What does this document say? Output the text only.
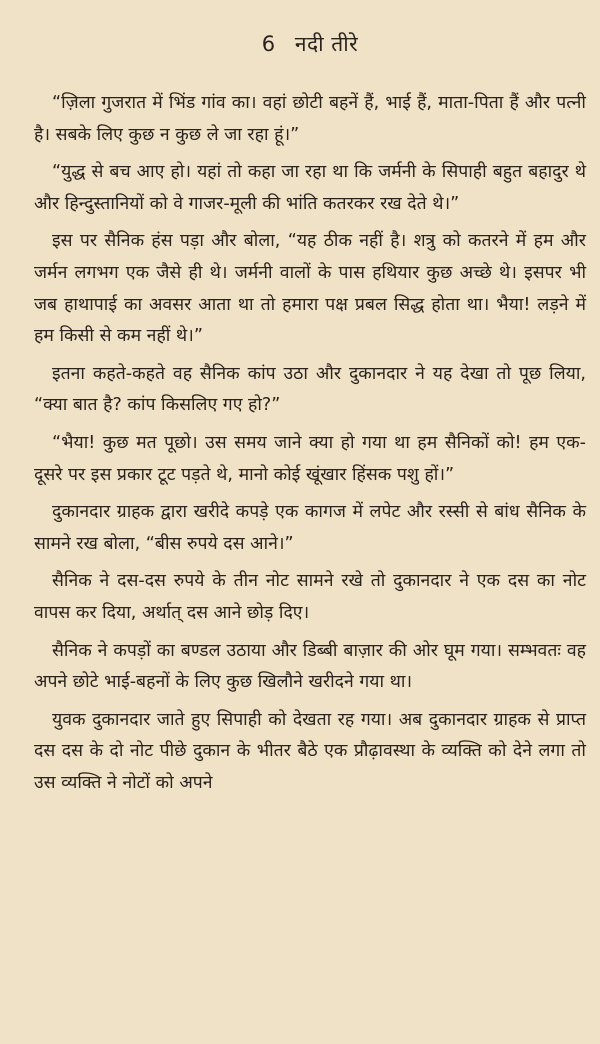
6 नदी तीरे

“ज़िला गुजरात में भिंड गांव का। वहां छोटी बहनें हैं, भाई हैं, माता-पिता हैं और पत्नी है। सबके लिए कुछ न कुछ ले जा रहा हूं।”

“युद्ध से बच आए हो। यहां तो कहा जा रहा था कि जर्मनी के सिपाही बहुत बहादुर थे और हिन्दुस्तानियों को वे गाजर-मूली की भांति कतरकर रख देते थे।”

इस पर सैनिक हंस पड़ा और बोला, “यह ठीक नहीं है। शत्रु को कतरने में हम और जर्मन लगभग एक जैसे ही थे। जर्मनी वालों के पास हथियार कुछ अच्छे थे। इसपर भी जब हाथापाई का अवसर आता था तो हमारा पक्ष प्रबल सिद्ध होता था। भैया! लड़ने में हम किसी से कम नहीं थे।”

इतना कहते-कहते वह सैनिक कांप उठा और दुकानदार ने यह देखा तो पूछ लिया, “क्या बात है? कांप किसलिए गए हो?”

“भैया! कुछ मत पूछो। उस समय जाने क्या हो गया था हम सैनिकों को! हम एक-दूसरे पर इस प्रकार टूट पड़ते थे, मानो कोई खूंखार हिंसक पशु हों।”

दुकानदार ग्राहक द्वारा खरीदे कपड़े एक कागज में लपेट और रस्सी से बांध सैनिक के सामने रख बोला, “बीस रुपये दस आने।”

सैनिक ने दस-दस रुपये के तीन नोट सामने रखे तो दुकानदार ने एक दस का नोट वापस कर दिया, अर्थात् दस आने छोड़ दिए।

सैनिक ने कपड़ों का बण्डल उठाया और डिब्बी बाज़ार की ओर घूम गया। सम्भवतः वह अपने छोटे भाई-बहनों के लिए कुछ खिलौने खरीदने गया था।

युवक दुकानदार जाते हुए सिपाही को देखता रह गया। अब दुकानदार ग्राहक से प्राप्त दस दस के दो नोट पीछे दुकान के भीतर बैठे एक प्रौढ़ावस्था के व्यक्ति को देने लगा तो उस व्यक्ति ने नोटों को अपने
